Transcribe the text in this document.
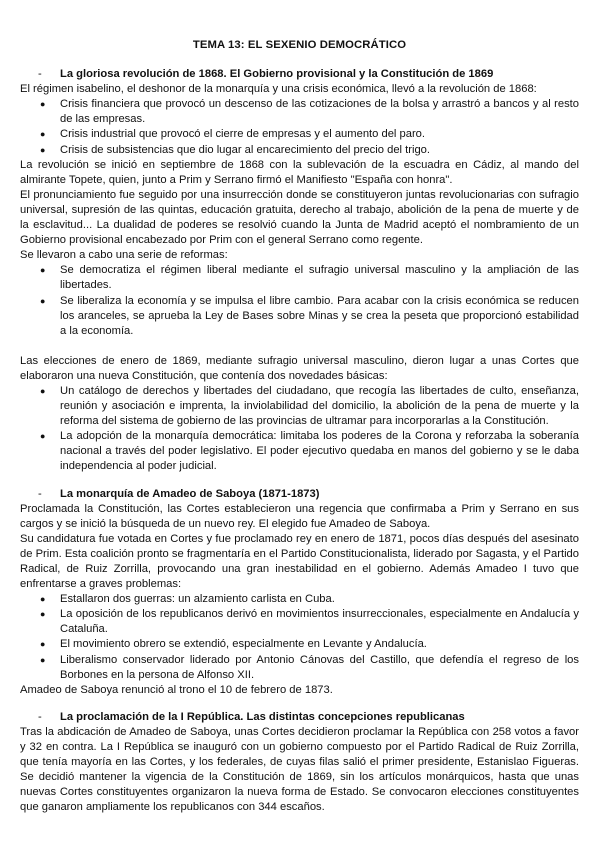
TEMA 13: EL SEXENIO DEMOCRÁTICO
- La gloriosa revolución de 1868. El Gobierno provisional y la Constitución de 1869

El régimen isabelino, el deshonor de la monarquía y una crisis económica, llevó a la revolución de 1868:

● Crisis financiera que provocó un descenso de las cotizaciones de la bolsa y arrastró a bancos y al resto de las empresas.
● Crisis industrial que provocó el cierre de empresas y el aumento del paro.
● Crisis de subsistencias que dio lugar al encarecimiento del precio del trigo.

La revolución se inició en septiembre de 1868 con la sublevación de la escuadra en Cádiz, al mando del almirante Topete, quien, junto a Prim y Serrano firmó el Manifiesto "España con honra".

El pronunciamiento fue seguido por una insurrección donde se constituyeron juntas revolucionarias con sufragio universal, supresión de las quintas, educación gratuita, derecho al trabajo, abolición de la pena de muerte y de la esclavitud... La dualidad de poderes se resolvió cuando la Junta de Madrid aceptó el nombramiento de un Gobierno provisional encabezado por Prim con el general Serrano como regente.

Se llevaron a cabo una serie de reformas:

● Se democratiza el régimen liberal mediante el sufragio universal masculino y la ampliación de las libertades.
● Se liberaliza la economía y se impulsa el libre cambio. Para acabar con la crisis económica se reducen los aranceles, se aprueba la Ley de Bases sobre Minas y se crea la peseta que proporcionó estabilidad a la economía.

Las elecciones de enero de 1869, mediante sufragio universal masculino, dieron lugar a unas Cortes que elaboraron una nueva Constitución, que contenía dos novedades básicas:

● Un catálogo de derechos y libertades del ciudadano, que recogía las libertades de culto, enseñanza, reunión y asociación e imprenta, la inviolabilidad del domicilio, la abolición de la pena de muerte y la reforma del sistema de gobierno de las provincias de ultramar para incorporarlas a la Constitución.
● La adopción de la monarquía democrática: limitaba los poderes de la Corona y reforzaba la soberanía nacional a través del poder legislativo. El poder ejecutivo quedaba en manos del gobierno y se le daba independencia al poder judicial.
- La monarquía de Amadeo de Saboya (1871-1873)

Proclamada la Constitución, las Cortes establecieron una regencia que confirmaba a Prim y Serrano en sus cargos y se inició la búsqueda de un nuevo rey. El elegido fue Amadeo de Saboya.

Su candidatura fue votada en Cortes y fue proclamado rey en enero de 1871, pocos días después del asesinato de Prim. Esta coalición pronto se fragmentaría en el Partido Constitucionalista, liderado por Sagasta, y el Partido Radical, de Ruiz Zorrilla, provocando una gran inestabilidad en el gobierno. Además Amadeo I tuvo que enfrentarse a graves problemas:

● Estallaron dos guerras: un alzamiento carlista en Cuba.
● La oposición de los republicanos derivó en movimientos insurreccionales, especialmente en Andalucía y Cataluña.
● El movimiento obrero se extendió, especialmente en Levante y Andalucía.
● Liberalismo conservador liderado por Antonio Cánovas del Castillo, que defendía el regreso de los Borbones en la persona de Alfonso XII.

Amadeo de Saboya renunció al trono el 10 de febrero de 1873.

- La proclamación de la I República. Las distintas concepciones republicanas

Tras la abdicación de Amadeo de Saboya, unas Cortes decidieron proclamar la República con 258 votos a favor y 32 en contra. La I República se inauguró con un gobierno compuesto por el Partido Radical de Ruiz Zorrilla, que tenía mayoría en las Cortes, y los federales, de cuyas filas salió el primer presidente, Estanislao Figueras. Se decidió mantener la vigencia de la Constitución de 1869, sin los artículos monárquicos, hasta que unas nuevas Cortes constituyentes organizaron la nueva forma de Estado. Se convocaron elecciones constituyentes que ganaron ampliamente los republicanos con 344 escaños.
